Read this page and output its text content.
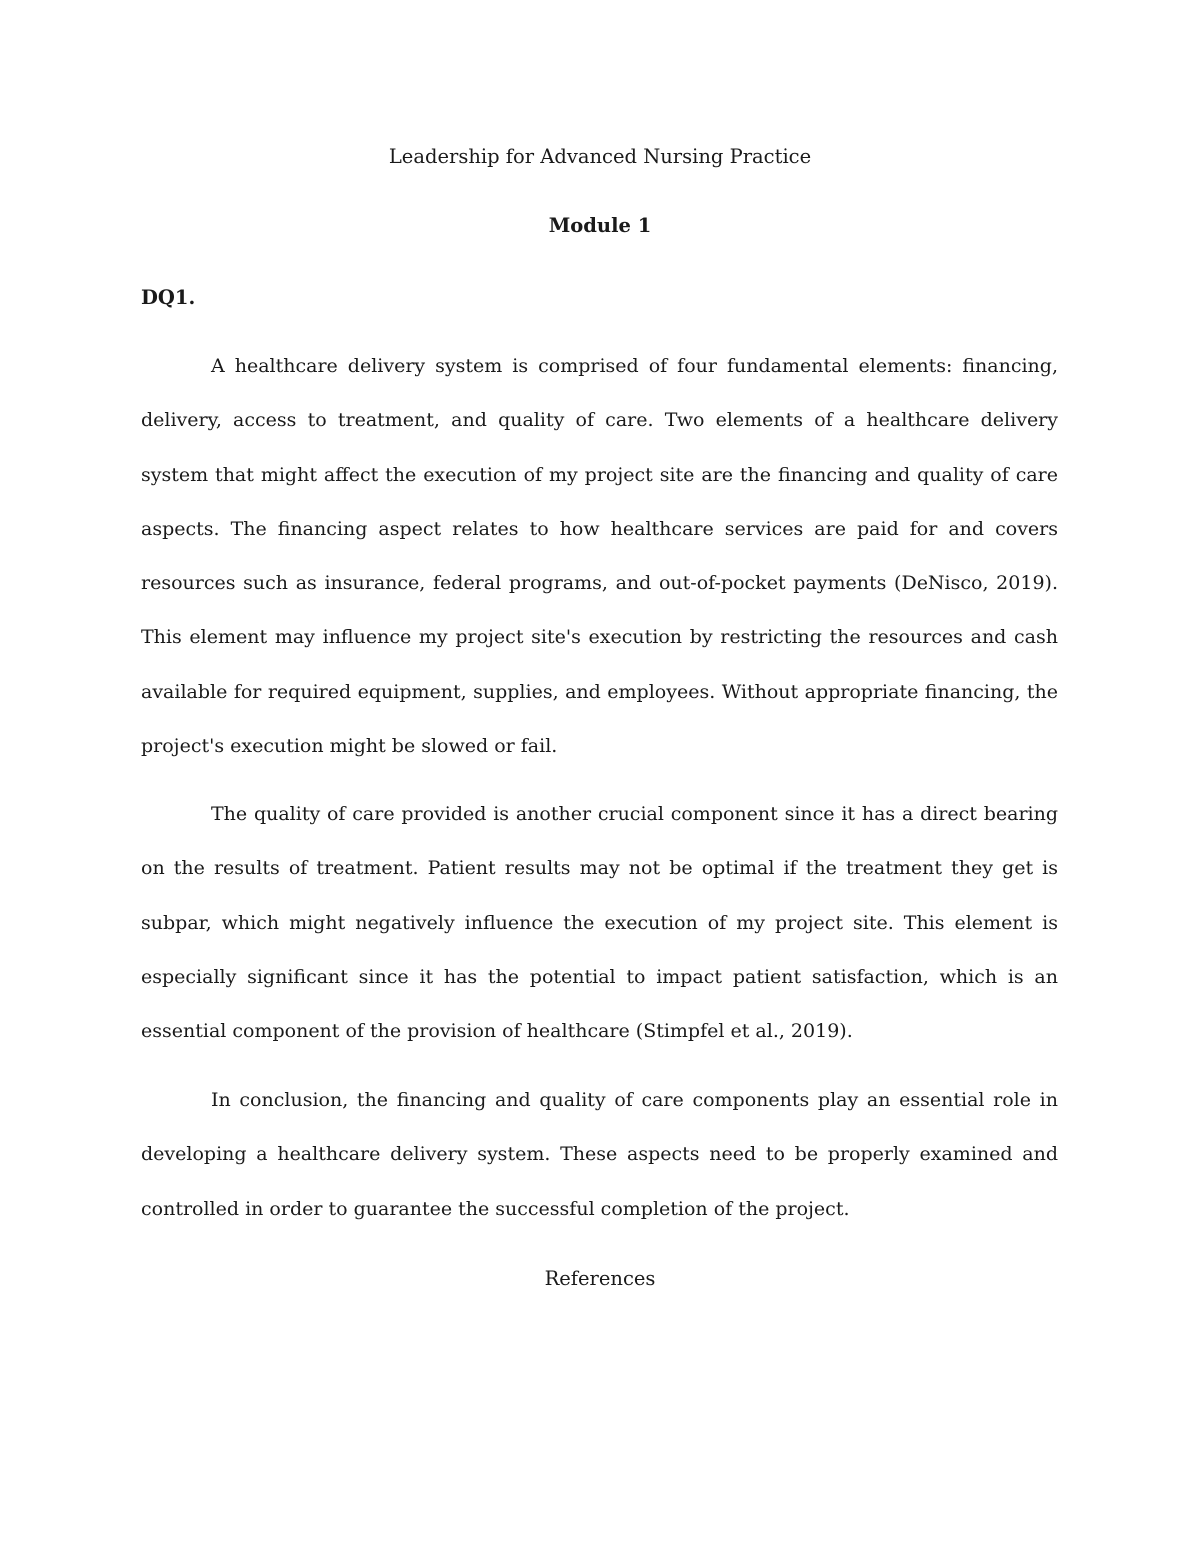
Leadership for Advanced Nursing Practice
Module 1
DQ1.

A healthcare delivery system is comprised of four fundamental elements: financing, delivery, access to treatment, and quality of care. Two elements of a healthcare delivery system that might affect the execution of my project site are the financing and quality of care aspects. The financing aspect relates to how healthcare services are paid for and covers resources such as insurance, federal programs, and out-of-pocket payments (DeNisco, 2019). This element may influence my project site's execution by restricting the resources and cash available for required equipment, supplies, and employees. Without appropriate financing, the project's execution might be slowed or fail.

The quality of care provided is another crucial component since it has a direct bearing on the results of treatment. Patient results may not be optimal if the treatment they get is subpar, which might negatively influence the execution of my project site. This element is especially significant since it has the potential to impact patient satisfaction, which is an essential component of the provision of healthcare (Stimpfel et al., 2019).

In conclusion, the financing and quality of care components play an essential role in developing a healthcare delivery system. These aspects need to be properly examined and controlled in order to guarantee the successful completion of the project.

References
